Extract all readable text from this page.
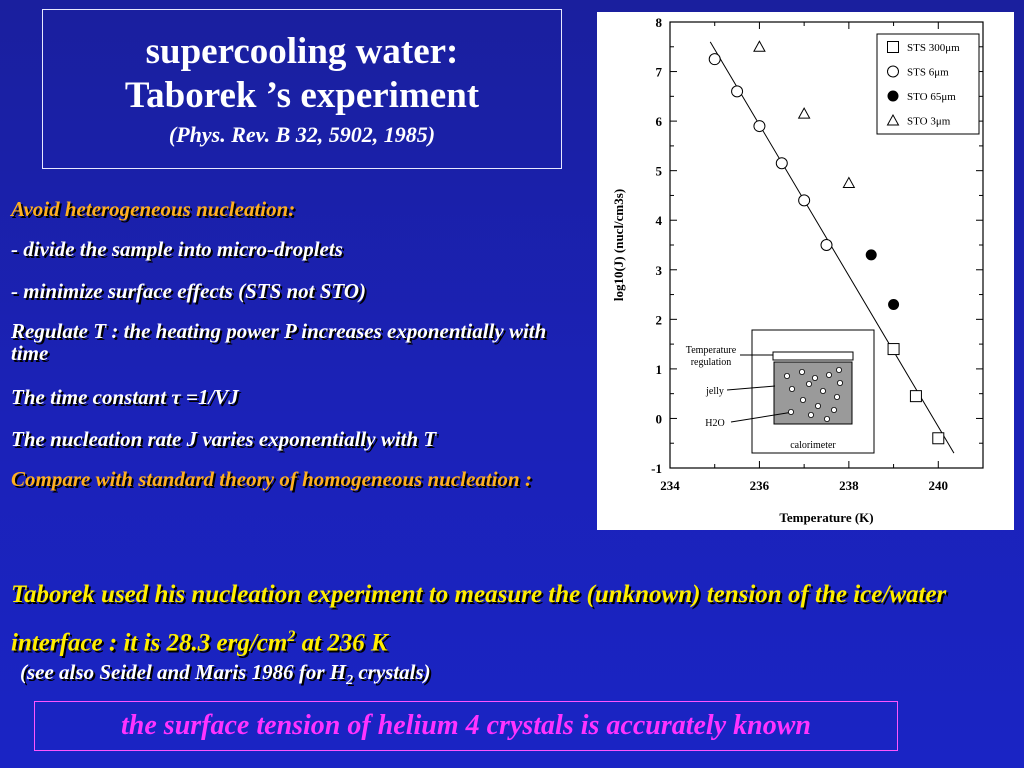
supercooling water:
Taborek ’s experiment
(Phys. Rev. B 32, 5902, 1985)

Avoid heterogeneous nucleation:

- divide the sample into micro-droplets

- minimize surface effects (STS not STO)

Regulate T : the heating power P increases exponentially with time

The time constant τ =1/VJ

The nucleation rate J varies exponentially with T

Compare with standard theory of homogeneous nucleation :	-1
0
1
2
3
4
5
6
7
8
234	236	238	240
Temperature (K)
log10(J) (nucl/cm3s)
STS 300μm
STS 6μm
STO 65μm
STO 3μm
Temperature
regulation
jelly
H2O
calorimeter
Taborek used his nucleation experiment to measure the (unknown) tension of the ice/water interface : it is 28.3 erg/$cm^2$ at 236 K
(see also Seidel and Maris 1986 for $H_2$ crystals)
the surface tension of helium 4 crystals is accurately known
